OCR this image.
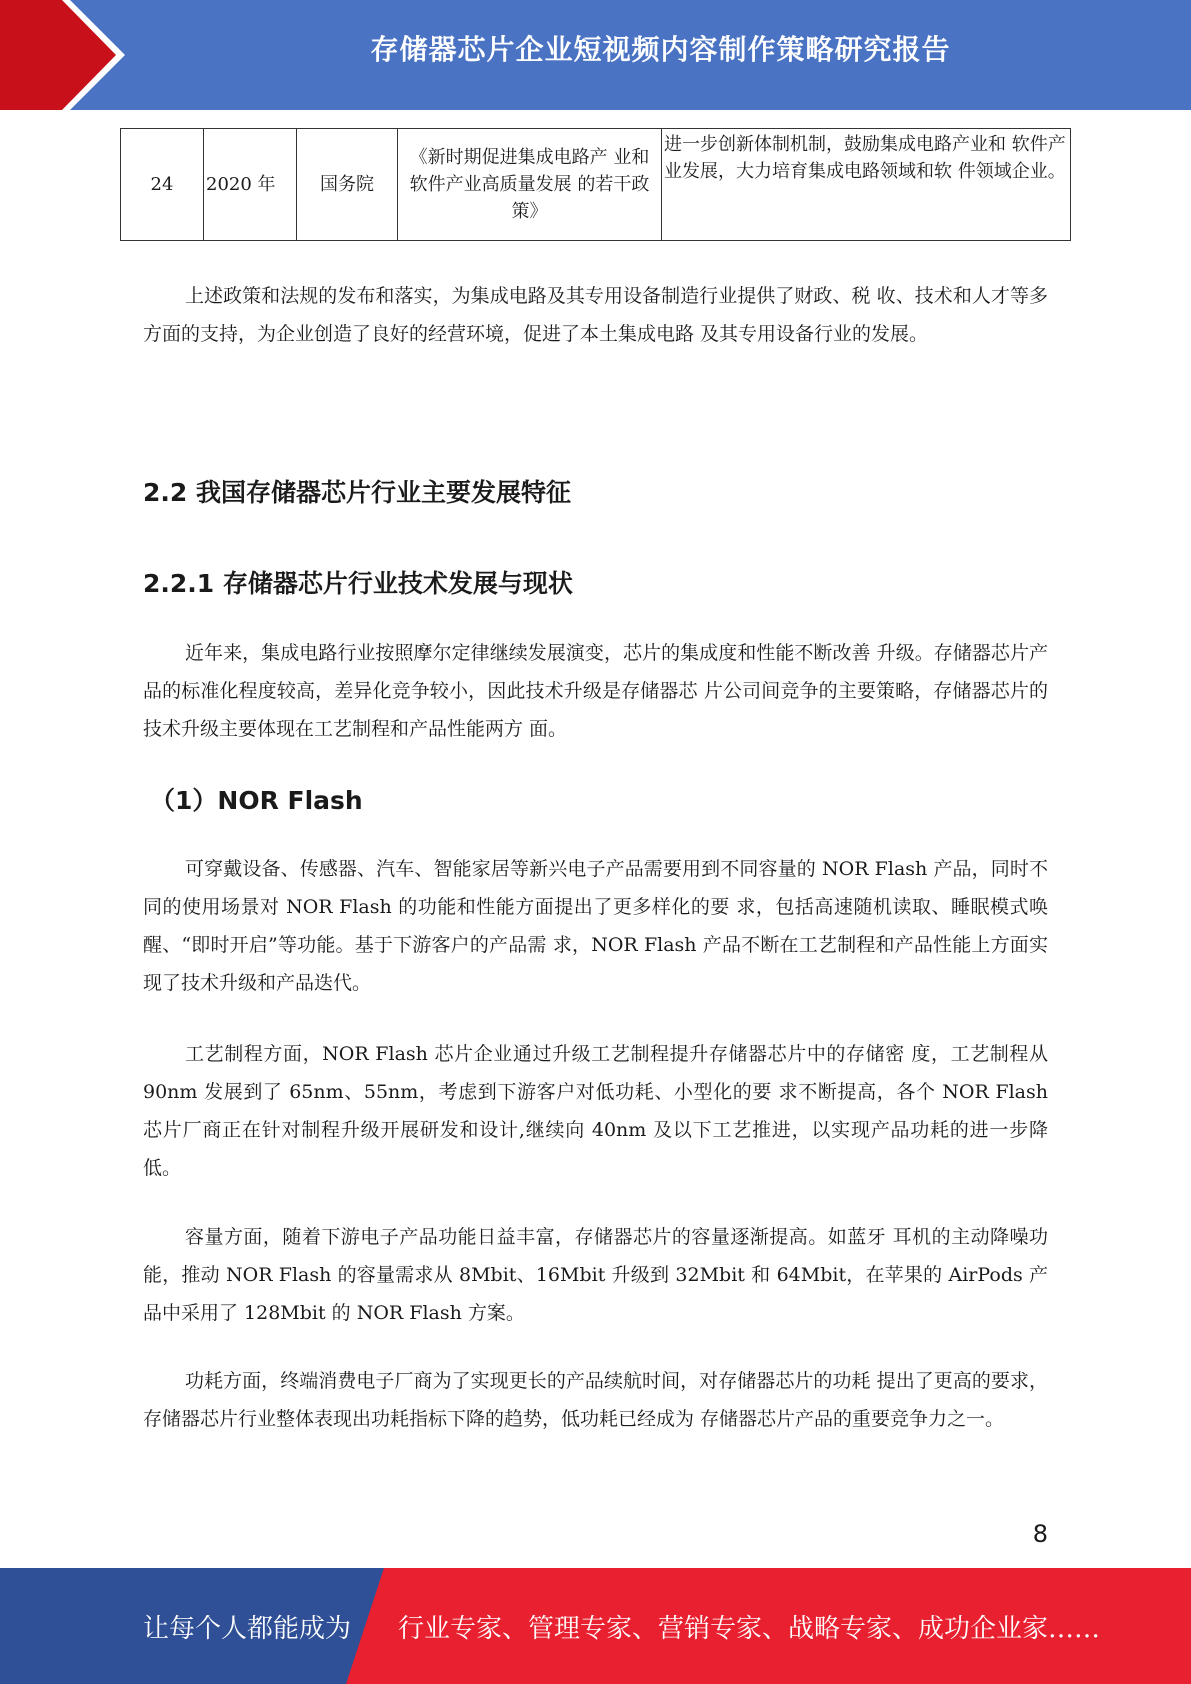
存储器芯片企业短视频内容制作策略研究报告
24	2020 年	国务院	《新时期促进集成电路产 业和软件产业高质量发展 的若干政策》	进一步创新体制机制，鼓励集成电路产业和 软件产业发展，大力培育集成电路领域和软 件领域企业。

上述政策和法规的发布和落实，为集成电路及其专用设备制造行业提供了财政、税 收、技术和人才等多方面的支持，为企业创造了良好的经营环境，促进了本土集成电路 及其专用设备行业的发展。

2.2 我国存储器芯片行业主要发展特征
2.2.1 存储器芯片行业技术发展与现状

近年来，集成电路行业按照摩尔定律继续发展演变，芯片的集成度和性能不断改善 升级。存储器芯片产品的标准化程度较高，差异化竞争较小，因此技术升级是存储器芯 片公司间竞争的主要策略，存储器芯片的技术升级主要体现在工艺制程和产品性能两方 面。

（1）NOR Flash

可穿戴设备、传感器、汽车、智能家居等新兴电子产品需要用到不同容量的 NOR Flash 产品，同时不同的使用场景对 NOR Flash 的功能和性能方面提出了更多样化的要 求，包括高速随机读取、睡眠模式唤醒、“即时开启”等功能。基于下游客户的产品需 求，NOR Flash 产品不断在工艺制程和产品性能上方面实现了技术升级和产品迭代。

工艺制程方面，NOR Flash 芯片企业通过升级工艺制程提升存储器芯片中的存储密 度，工艺制程从 90nm 发展到了 65nm、55nm，考虑到下游客户对低功耗、小型化的要 求不断提高，各个 NOR Flash 芯片厂商正在针对制程升级开展研发和设计,继续向 40nm 及以下工艺推进，以实现产品功耗的进一步降低。

容量方面，随着下游电子产品功能日益丰富，存储器芯片的容量逐渐提高。如蓝牙 耳机的主动降噪功能，推动 NOR Flash 的容量需求从 8Mbit、16Mbit 升级到 32Mbit 和 64Mbit，在苹果的 AirPods 产品中采用了 128Mbit 的 NOR Flash 方案。

功耗方面，终端消费电子厂商为了实现更长的产品续航时间，对存储器芯片的功耗 提出了更高的要求，存储器芯片行业整体表现出功耗指标下降的趋势，低功耗已经成为 存储器芯片产品的重要竞争力之一。

8
让每个人都能成为 行业专家、管理专家、营销专家、战略专家、成功企业家……
